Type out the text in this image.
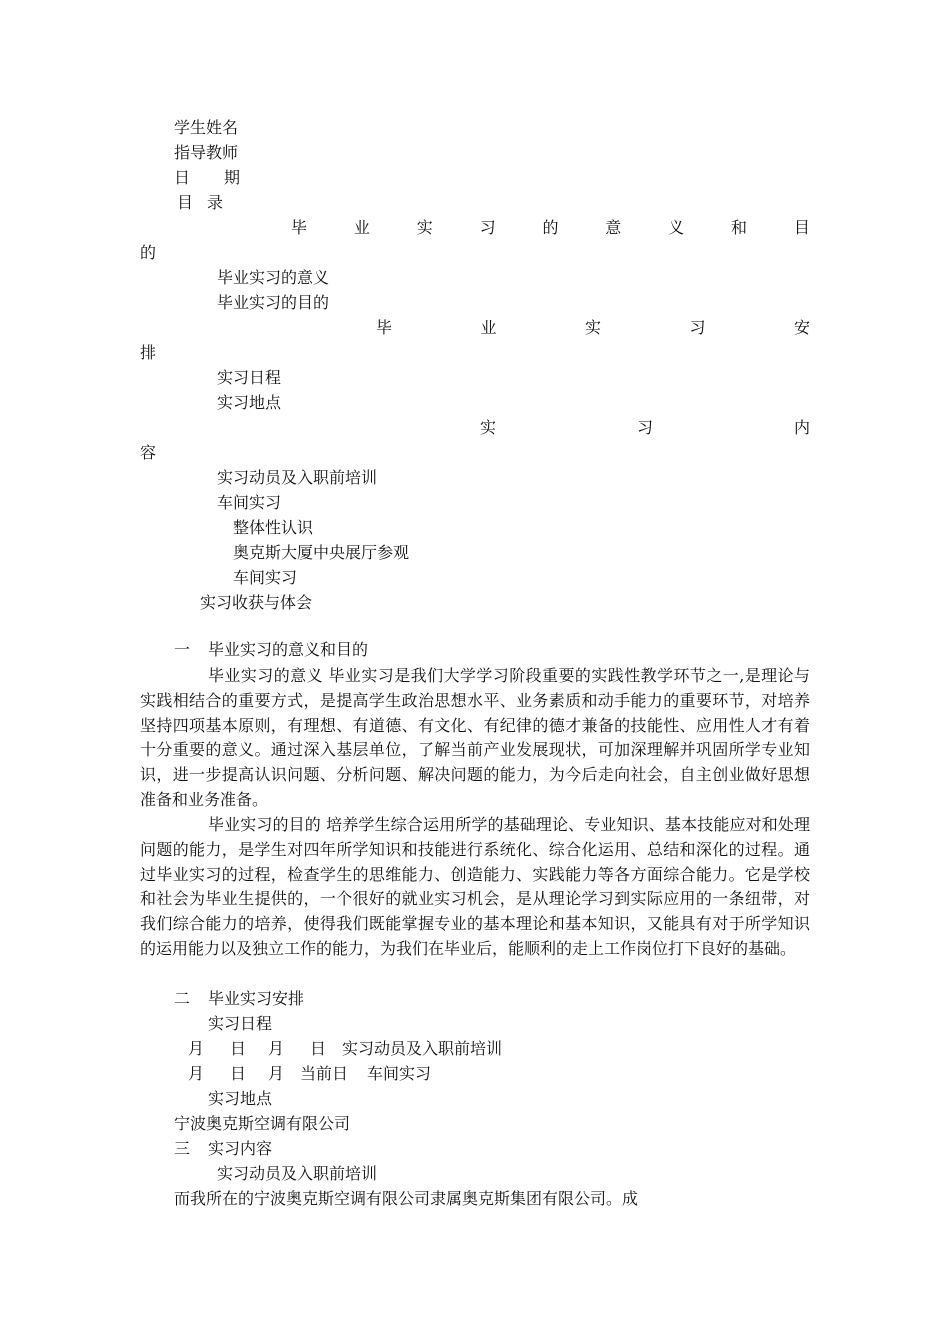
学生姓名
指导教师
日 期
目 录
毕	业	实	习	的	意	义	和	目
的
毕业实习的意义
毕业实习的目的
毕	业	实	习	安
排
实习日程
实习地点
实	习	内
容
实习动员及入职前培训
车间实习
整体性认识
奥克斯大厦中央展厅参观
车间实习
实习收获与体会
一 毕业实习的意义和目的
毕业实习的意义 毕业实习是我们大学学习阶段重要的实践性教学环节之一,是理论与实践相结合的重要方式，是提高学生政治思想水平、业务素质和动手能力的重要环节，对培养坚持四项基本原则，有理想、有道德、有文化、有纪律的德才兼备的技能性、应用性人才有着十分重要的意义。通过深入基层单位，了解当前产业发展现状，可加深理解并巩固所学专业知识，进一步提高认识问题、分析问题、解决问题的能力，为今后走向社会，自主创业做好思想准备和业务准备。
毕业实习的目的 培养学生综合运用所学的基础理论、专业知识、基本技能应对和处理问题的能力，是学生对四年所学知识和技能进行系统化、综合化运用、总结和深化的过程。通过毕业实习的过程，检查学生的思维能力、创造能力、实践能力等各方面综合能力。它是学校和社会为毕业生提供的，一个很好的就业实习机会，是从理论学习到实际应用的一条纽带，对我们综合能力的培养，使得我们既能掌握专业的基本理论和基本知识，又能具有对于所学知识的运用能力以及独立工作的能力，为我们在毕业后，能顺利的走上工作岗位打下良好的基础。
二 毕业实习安排
实习日程
月 日 月 日 实习动员及入职前培训
月 日 月 当前日 车间实习
实习地点
宁波奥克斯空调有限公司
三 实习内容
实习动员及入职前培训
而我所在的宁波奥克斯空调有限公司隶属奥克斯集团有限公司。成
